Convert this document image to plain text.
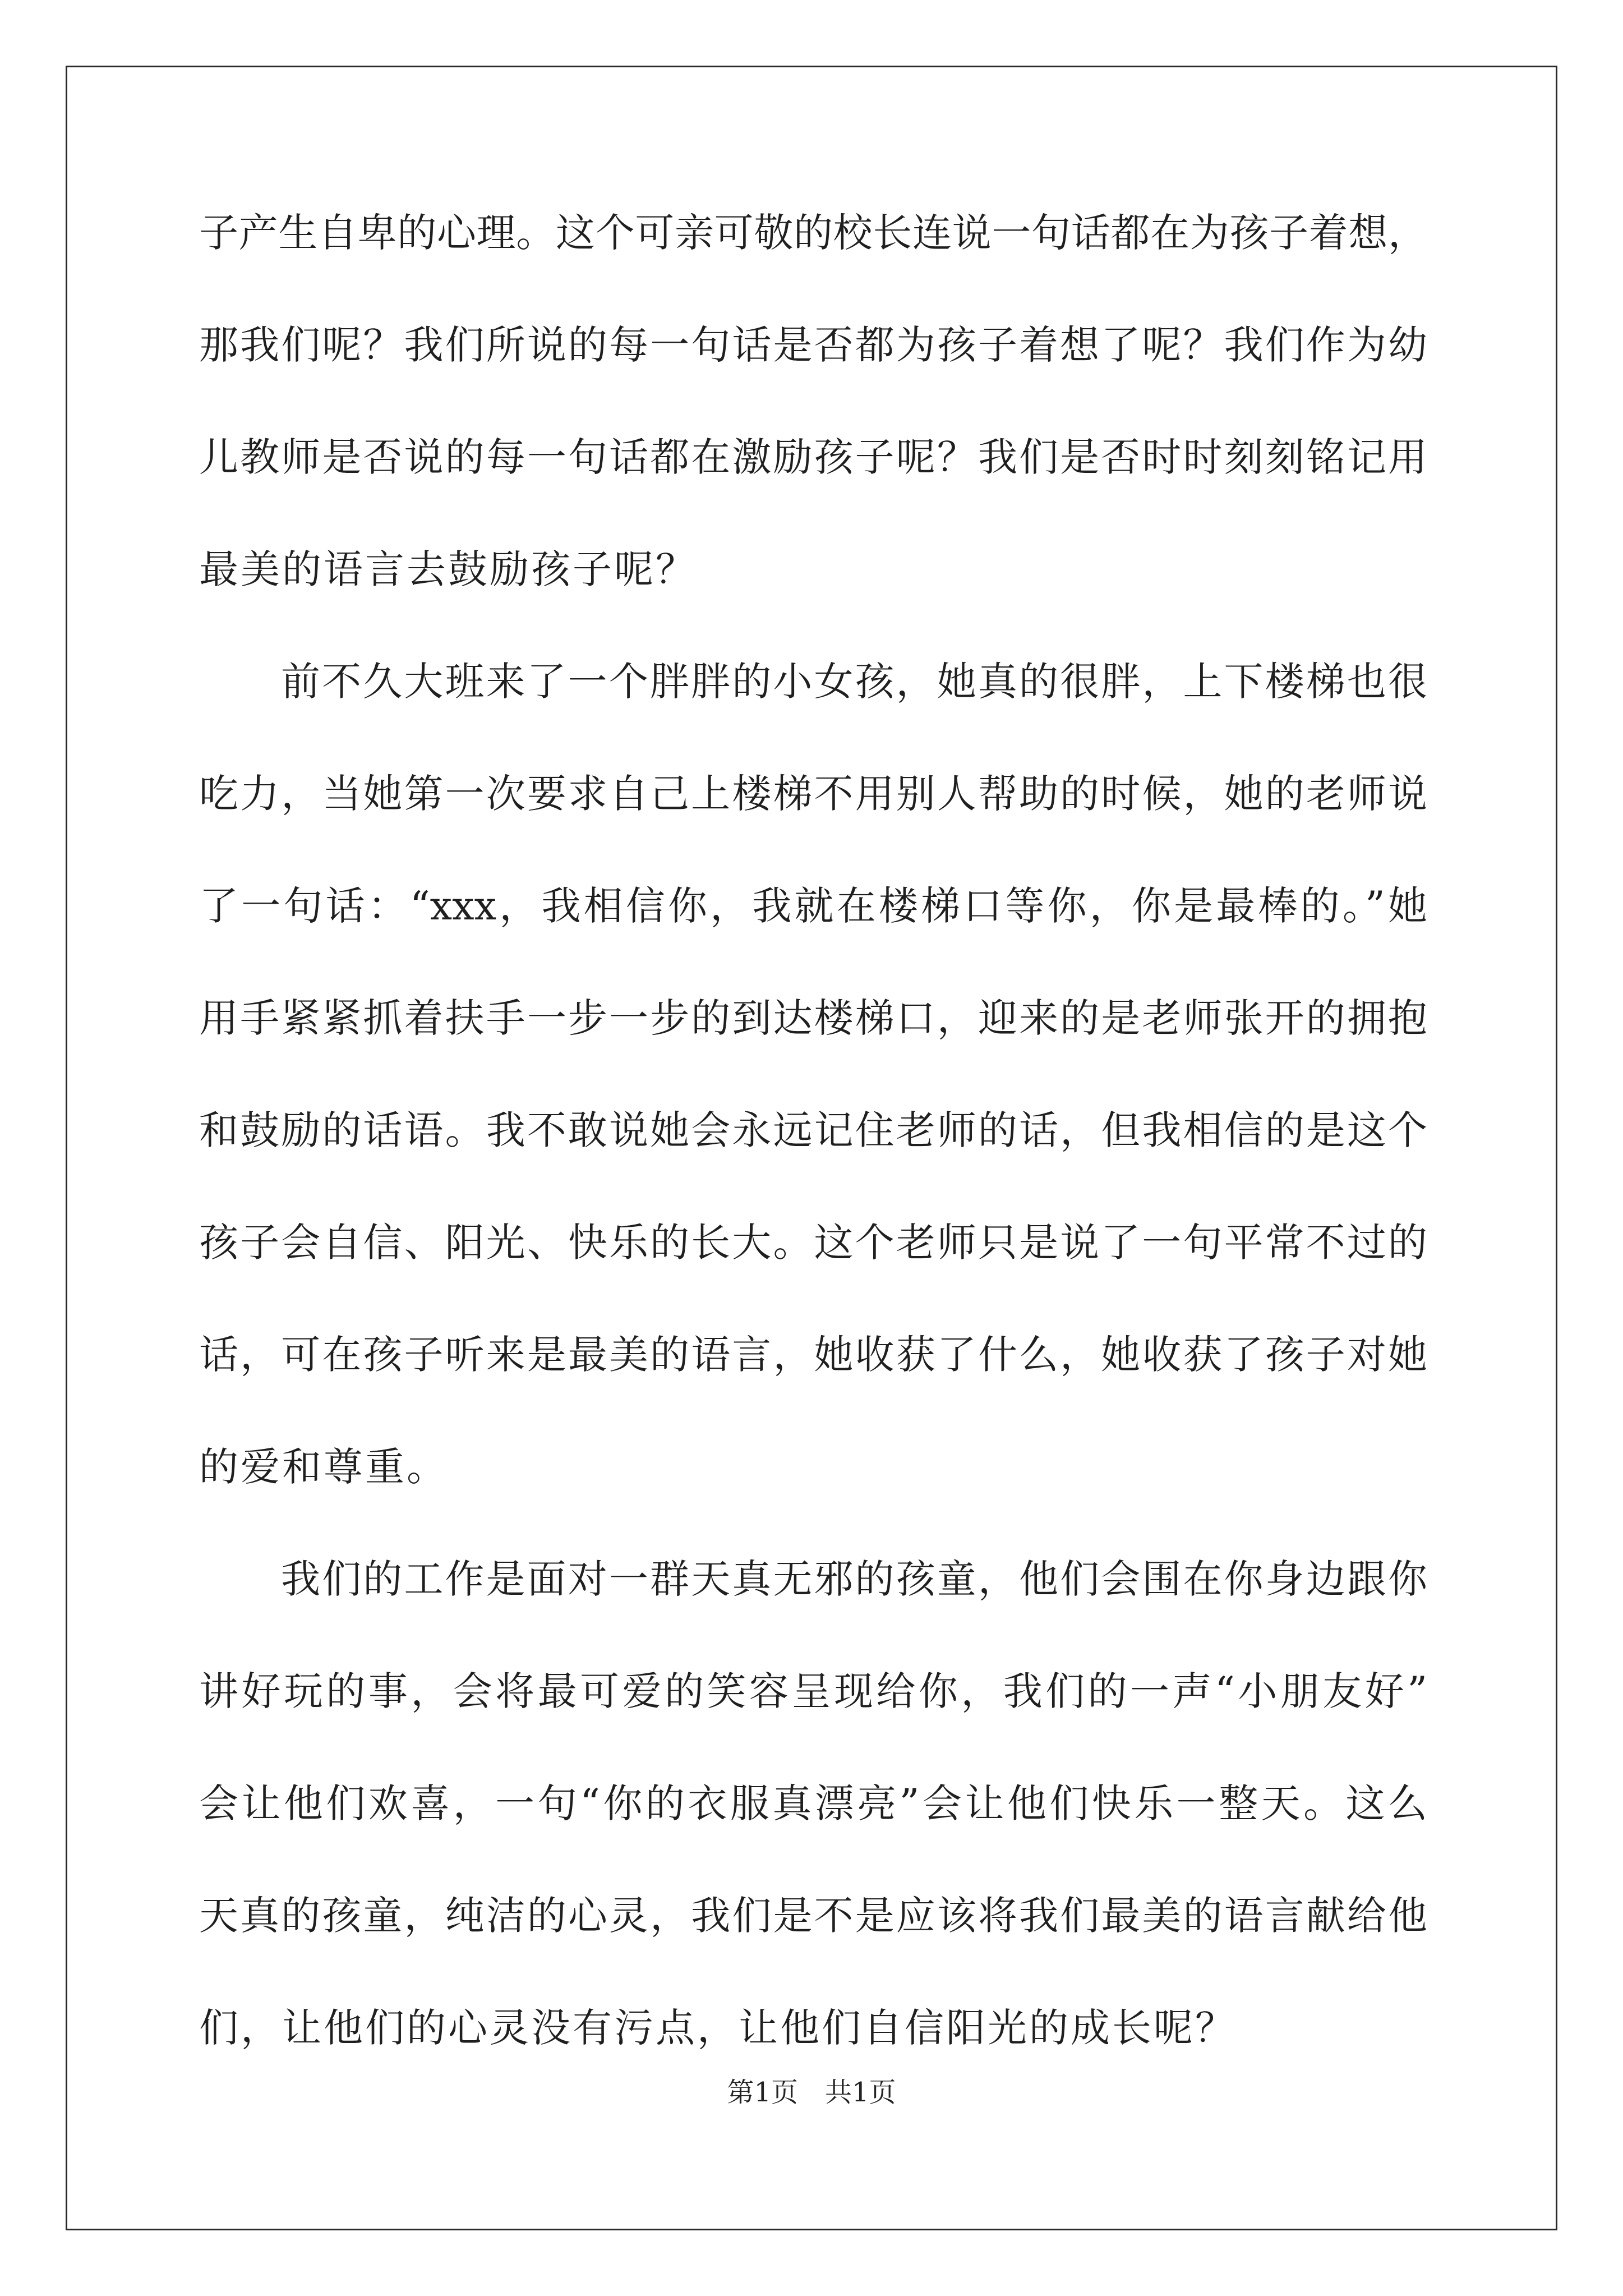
子产生自卑的心理。这个可亲可敬的校长连说一句话都在为孩子着想，
那我们呢？我们所说的每一句话是否都为孩子着想了呢？我们作为幼
儿教师是否说的每一句话都在激励孩子呢？我们是否时时刻刻铭记用
最美的语言去鼓励孩子呢？
前不久大班来了一个胖胖的小女孩，她真的很胖，上下楼梯也很
吃力，当她第一次要求自己上楼梯不用别人帮助的时候，她的老师说
了一句话：“xxx，我相信你，我就在楼梯口等你，你是最棒的。”她
用手紧紧抓着扶手一步一步的到达楼梯口，迎来的是老师张开的拥抱
和鼓励的话语。我不敢说她会永远记住老师的话，但我相信的是这个
孩子会自信、阳光、快乐的长大。这个老师只是说了一句平常不过的
话，可在孩子听来是最美的语言，她收获了什么，她收获了孩子对她
的爱和尊重。
我们的工作是面对一群天真无邪的孩童，他们会围在你身边跟你
讲好玩的事，会将最可爱的笑容呈现给你，我们的一声“小朋友好”
会让他们欢喜，一句“你的衣服真漂亮”会让他们快乐一整天。这么
天真的孩童，纯洁的心灵，我们是不是应该将我们最美的语言献给他
们，让他们的心灵没有污点，让他们自信阳光的成长呢？
第1页 共1页
